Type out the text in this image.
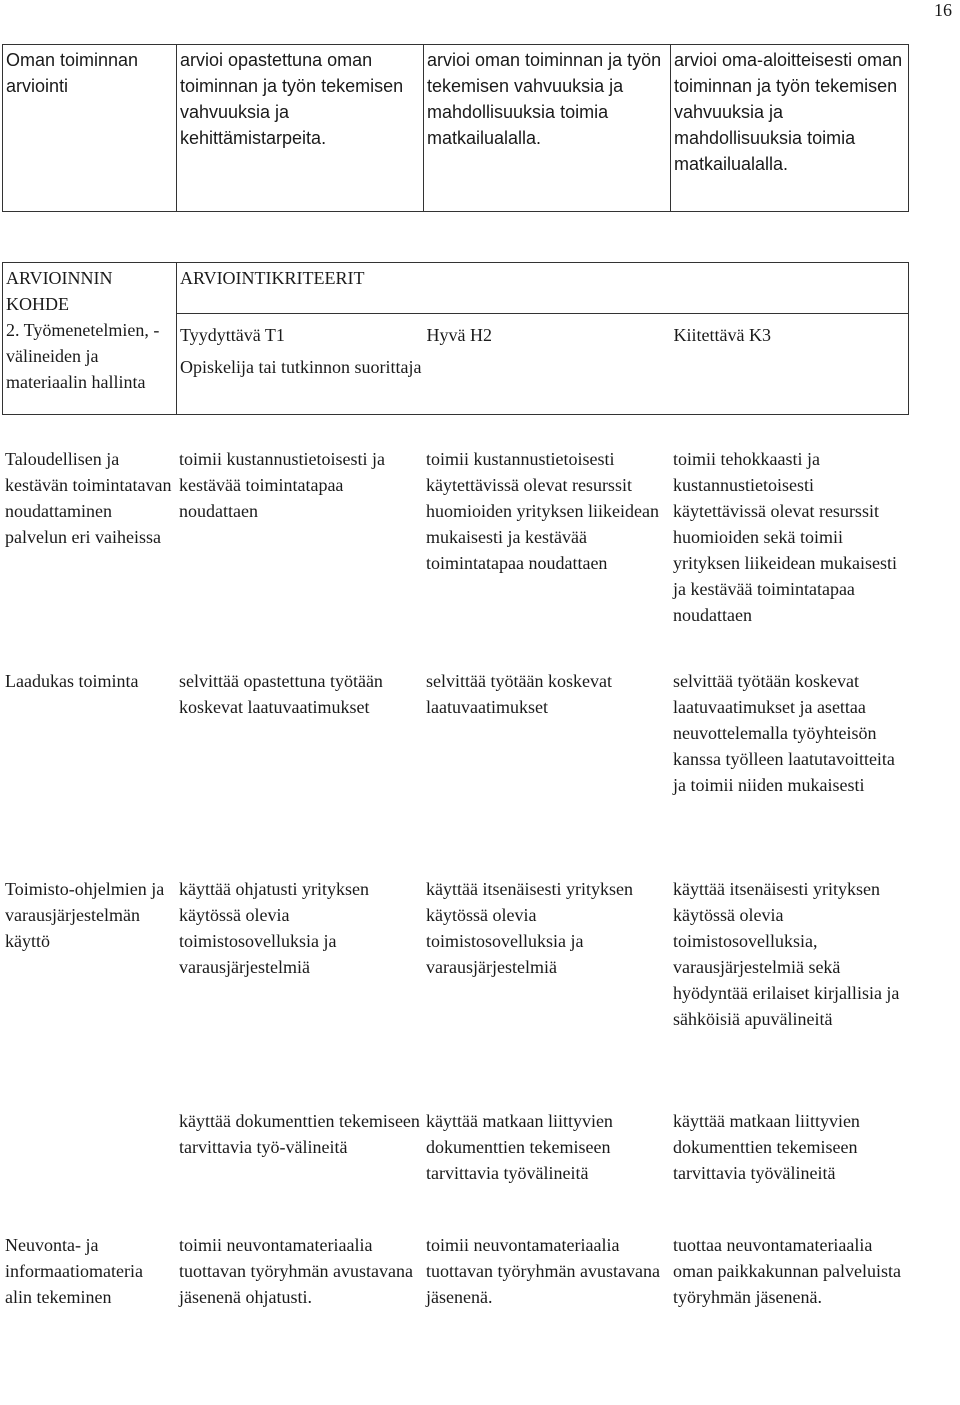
16
Oman toiminnan arviointi	arvioi opastettuna oman toiminnan ja työn tekemisen vahvuuksia ja kehittämistarpeita.	arvioi oman toiminnan ja työn tekemisen vahvuuksia ja mahdollisuuksia toimia matkailualalla.	arvioi oma-aloitteisesti oman toiminnan ja työn tekemisen vahvuuksia ja mahdollisuuksia toimia matkailualalla.
ARVIOINNIN KOHDE
2. Työmenetelmien, -välineiden ja materiaalin hallinta	ARVIOINTIKRITEERIT		
	Tyydyttävä T1	Hyvä H2	Kiitettävä K3
	Opiskelija tai tutkinnon suorittaja		
Taloudellisen ja kestävän toimintatavan noudattaminen palvelun eri vaiheissa	toimii kustannustietoisesti ja kestävää toimintatapaa noudattaen	toimii kustannustietoisesti käytettävissä olevat resurssit huomioiden yrityksen liikeidean mukaisesti ja kestävää toimintatapaa noudattaen	toimii tehokkaasti ja kustannustietoisesti käytettävissä olevat resurssit huomioiden sekä toimii yrityksen liikeidean mukaisesti ja kestävää toimintatapaa noudattaen
Laadukas toiminta	selvittää opastettuna työtään koskevat laatuvaatimukset	selvittää työtään koskevat laatuvaatimukset	selvittää työtään koskevat laatuvaatimukset ja asettaa neuvottelemalla työyhteisön kanssa työlleen laatutavoitteita ja toimii niiden mukaisesti
Toimisto-ohjelmien ja varausjärjestelmän käyttö	käyttää ohjatusti yrityksen käytössä olevia toimistosovelluksia ja varausjärjestelmiä	käyttää itsenäisesti yrityksen käytössä olevia toimistosovelluksia ja varausjärjestelmiä	käyttää itsenäisesti yrityksen käytössä olevia toimistosovelluksia, varausjärjestelmiä sekä hyödyntää erilaiset kirjallisia ja sähköisiä apuvälineitä
	käyttää dokumenttien tekemiseen tarvittavia työ-välineitä	käyttää matkaan liittyvien dokumenttien tekemiseen tarvittavia työvälineitä	käyttää matkaan liittyvien dokumenttien tekemiseen tarvittavia työvälineitä
Neuvonta- ja informaatiomateria alin tekeminen	toimii neuvontamateriaalia tuottavan työryhmän avustavana jäsenenä ohjatusti.	toimii neuvontamateriaalia tuottavan työryhmän avustavana jäsenenä.	tuottaa neuvontamateriaalia oman paikkakunnan palveluista työryhmän jäsenenä.
